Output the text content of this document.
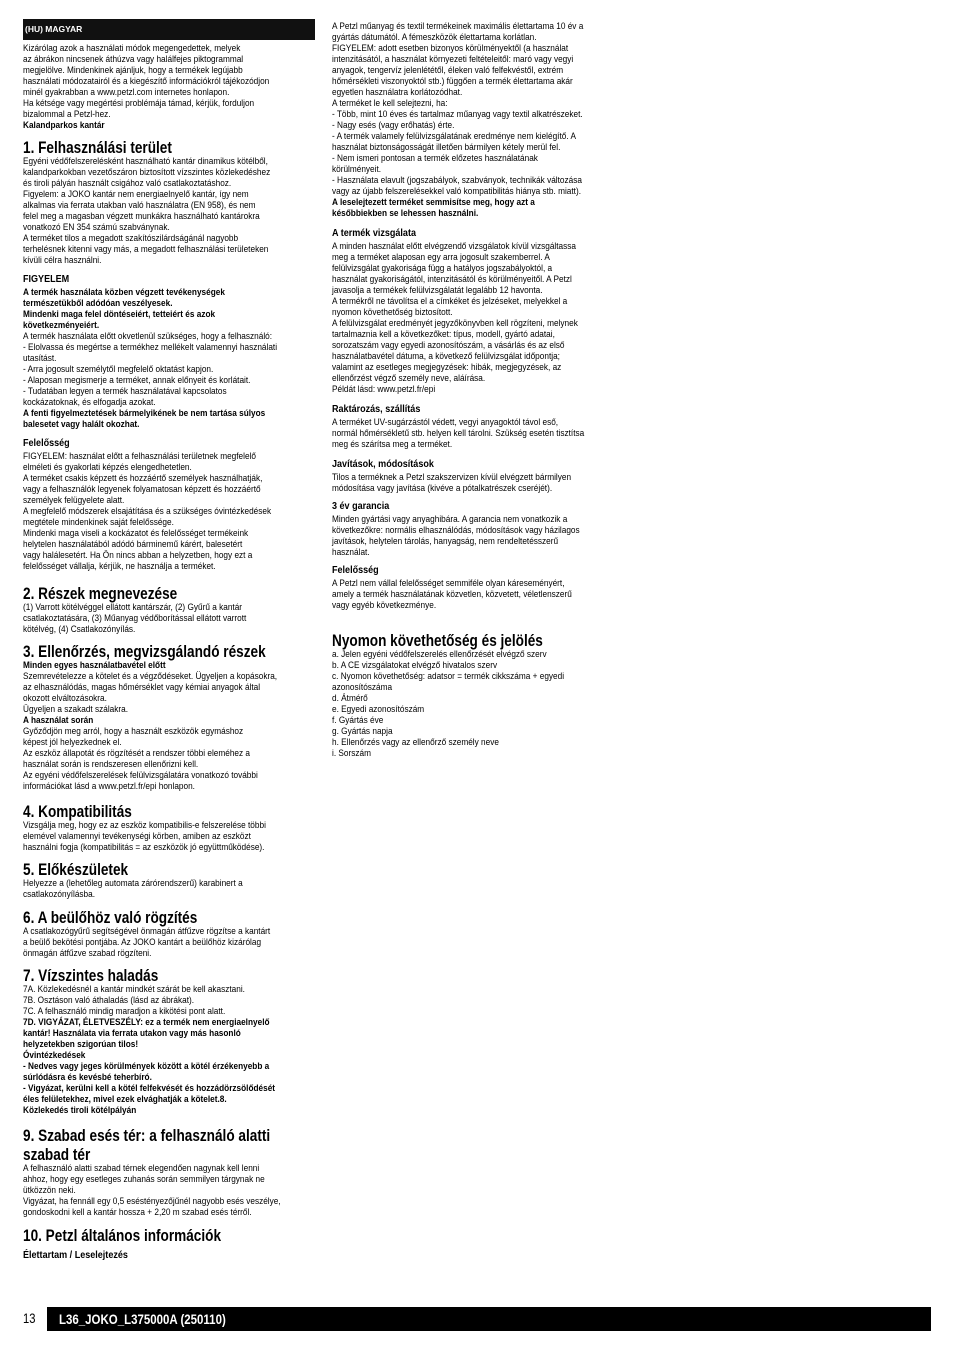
(HU) MAGYAR
Kizárólag azok a használati módok megengedettek, melyek
az ábrákon nincsenek áthúzva vagy halálfejes piktogrammal
megjelölve. Mindenkinek ajánljuk, hogy a termékek legújabb
használati módozatairól és a kiegészítő információkról tájékozódjon
minél gyakrabban a www.petzl.com internetes honlapon.
Ha kétsége vagy megértési problémája támad, kérjük, forduljon
bizalommal a Petzl-hez.
Kalandparkos kantár
1. Felhasználási terület
Egyéni védőfelszerelésként használható kantár dinamikus kötélből,
kalandparkokban vezetőszáron biztosított vízszintes közlekedéshez
és tiroli pályán használt csigához való csatlakoztatáshoz.
Figyelem: a JOKO kantár nem energiaelnyelő kantár, így nem
alkalmas via ferrata utakban való használatra (EN 958), és nem
felel meg a magasban végzett munkákra használható kantárokra
vonatkozó EN 354 számú szabványnak.
A terméket tilos a megadott szakítószilárdságánál nagyobb
terhelésnek kitenni vagy más, a megadott felhasználási területeken
kívüli célra használni.
FIGYELEM
A termék használata közben végzett tevékenységek
természetükből adódóan veszélyesek.
Mindenki maga felel döntéseiért, tetteiért és azok
következményeiért.
A termék használata előtt okvetlenül szükséges, hogy a felhasználó:
- Elolvassa és megértse a termékhez mellékelt valamennyi használati
utasítást.
- Arra jogosult személytől megfelelő oktatást kapjon.
- Alaposan megismerje a terméket, annak előnyeit és korlátait.
- Tudatában legyen a termék használatával kapcsolatos
kockázatoknak, és elfogadja azokat.
A fenti figyelmeztetések bármelyikének be nem tartása súlyos
balesetet vagy halált okozhat.
Felelősség
FIGYELEM: használat előtt a felhasználási területnek megfelelő
elméleti és gyakorlati képzés elengedhetetlen.
A terméket csakis képzett és hozzáértő személyek használhatják,
vagy a felhasználók legyenek folyamatosan képzett és hozzáértő
személyek felügyelete alatt.
A megfelelő módszerek elsajátítása és a szükséges óvintézkedések
megtétele mindenkinek saját felelőssége.
Mindenki maga viseli a kockázatot és felelősséget termékeink
helytelen használatából adódó bárminemű kárért, balesetért
vagy halálesetért. Ha Ön nincs abban a helyzetben, hogy ezt a
felelősséget vállalja, kérjük, ne használja a terméket.
2. Részek megnevezése
(1) Varrott kötélvéggel ellátott kantárszár, (2) Gyűrű a kantár
csatlakoztatására, (3) Műanyag védőborítással ellátott varrott
kötélvég, (4) Csatlakozónyílás.
3. Ellenőrzés, megvizsgálandó részek
Minden egyes használatbavétel előtt
Szemrevételezze a kötelet és a végződéseket. Ügyeljen a kopásokra,
az elhasználódás, magas hőmérséklet vagy kémiai anyagok által
okozott elváltozásokra.
Ügyeljen a szakadt szálakra.
A használat során
Győződjön meg arról, hogy a használt eszközök egymáshoz
képest jól helyezkednek el.
Az eszköz állapotát és rögzítését a rendszer többi eleméhez a
használat során is rendszeresen ellenőrizni kell.
Az egyéni védőfelszerelések felülvizsgálatára vonatkozó további
információkat lásd a www.petzl.fr/epi honlapon.
4. Kompatibilitás
Vizsgálja meg, hogy ez az eszköz kompatibilis-e felszerelése többi
elemével valamennyi tevékenységi körben, amiben az eszközt
használni fogja (kompatibilitás = az eszközök jó együttműködése).
5. Előkészületek
Helyezze a (lehetőleg automata zárórendszerű) karabinert a
csatlakozónyílásba.
6. A beülőhöz való rögzítés
A csatlakozógyűrű segítségével önmagán átfűzve rögzítse a kantárt
a beülő bekötési pontjába. Az JOKO kantárt a beülőhöz kizárólag
önmagán átfűzve szabad rögzíteni.
7. Vízszintes haladás
7A. Közlekedésnél a kantár mindkét szárát be kell akasztani.
7B. Osztáson való áthaladás (lásd az ábrákat).
7C. A felhasználó mindig maradjon a kikötési pont alatt.
7D. VIGYÁZAT, ÉLETVESZÉLY: ez a termék nem energiaelnyelő
kantár! Használata via ferrata utakon vagy más hasonló
helyzetekben szigorúan tilos!
Óvintézkedések
- Nedves vagy jeges körülmények között a kötél érzékenyebb a
súrlódásra és kevésbé teherbíró.
- Vigyázat, kerülni kell a kötél felfekvését és hozzádörzsölődését
éles felületekhez, mivel ezek elvághatják a kötelet.8.
Közlekedés tiroli kötélpályán
9. Szabad esés tér: a felhasználó alatti
szabad tér
A felhasználó alatti szabad térnek elegendően nagynak kell lenni
ahhoz, hogy egy esetleges zuhanás során semmilyen tárgynak ne
ütközzön neki.
Vigyázat, ha fennáll egy 0,5 eséstényezőjűnél nagyobb esés veszélye,
gondoskodni kell a kantár hossza + 2,20 m szabad esés térről.
10. Petzl általános információk
Élettartam / Leselejtezés
A Petzl műanyag és textil termékeinek maximális élettartama 10 év a
gyártás dátumától. A fémeszközök élettartama korlátlan.
FIGYELEM: adott esetben bizonyos körülményektől (a használat
intenzitásától, a használat környezeti feltételeitől: maró vagy vegyi
anyagok, tengervíz jelenlététől, éleken való felfekvéstől, extrém
hőmérsékleti viszonyoktól stb.) függően a termék élettartama akár
egyetlen használatra korlátozódhat.
A terméket le kell selejtezni, ha:
- Több, mint 10 éves és tartalmaz műanyag vagy textil alkatrészeket.
- Nagy esés (vagy erőhatás) érte.
- A termék valamely felülvizsgálatának eredménye nem kielégítő. A
használat biztonságosságát illetően bármilyen kétely merül fel.
- Nem ismeri pontosan a termék előzetes használatának
körülményeit.
- Használata elavult (jogszabályok, szabványok, technikák változása
vagy az újabb felszerelésekkel való kompatibilitás hiánya stb. miatt).
A leselejtezett terméket semmisítse meg, hogy azt a
későbbiekben se lehessen használni.
A termék vizsgálata
A minden használat előtt elvégzendő vizsgálatok kívül vizsgáltassa
meg a terméket alaposan egy arra jogosult szakemberrel. A
felülvizsgálat gyakorisága függ a hatályos jogszabályoktól, a
használat gyakoriságától, intenzitásától és körülményeitől. A Petzl
javasolja a termékek felülvizsgálatát legalább 12 havonta.
A termékről ne távolítsa el a címkéket és jelzéseket, melyekkel a
nyomon követhetőség biztosított.
A felülvizsgálat eredményét jegyzőkönyvben kell rögzíteni, melynek
tartalmaznia kell a következőket: típus, modell, gyártó adatai,
sorozatszám vagy egyedi azonosítószám, a vásárlás és az első
használatbavétel dátuma, a következő felülvizsgálat időpontja;
valamint az esetleges megjegyzések: hibák, megjegyzések, az
ellenőrzést végző személy neve, aláírása.
Példát lásd: www.petzl.fr/epi
Raktározás, szállítás
A terméket UV-sugárzástól védett, vegyi anyagoktól távol eső,
normál hőmérsékletű stb. helyen kell tárolni. Szükség esetén tisztítsa
meg és szárítsa meg a terméket.
Javítások, módosítások
Tilos a terméknek a Petzl szakszervizen kívül elvégzett bármilyen
módosítása vagy javítása (kivéve a pótalkatrészek cseréjét).
3 év garancia
Minden gyártási vagy anyaghibára. A garancia nem vonatkozik a
következőkre: normális elhasználódás, módosítások vagy házilagos
javítások, helytelen tárolás, hanyagság, nem rendeltetésszerű
használat.
Felelősség
A Petzl nem vállal felelősséget semmiféle olyan káreseményért,
amely a termék használatának közvetlen, közvetett, véletlenszerű
vagy egyéb következménye.
Nyomon követhetőség és jelölés
a. Jelen egyéni védőfelszerelés ellenőrzését elvégző szerv
b. A CE vizsgálatokat elvégző hivatalos szerv
c. Nyomon követhetőség: adatsor = termék cikkszáma + egyedi
azonosítószáma
d. Átmérő
e. Egyedi azonosítószám
f. Gyártás éve
g. Gyártás napja
h. Ellenőrzés vagy az ellenőrző személy neve
i. Sorszám
13 L36_JOKO_L375000A (250110)
